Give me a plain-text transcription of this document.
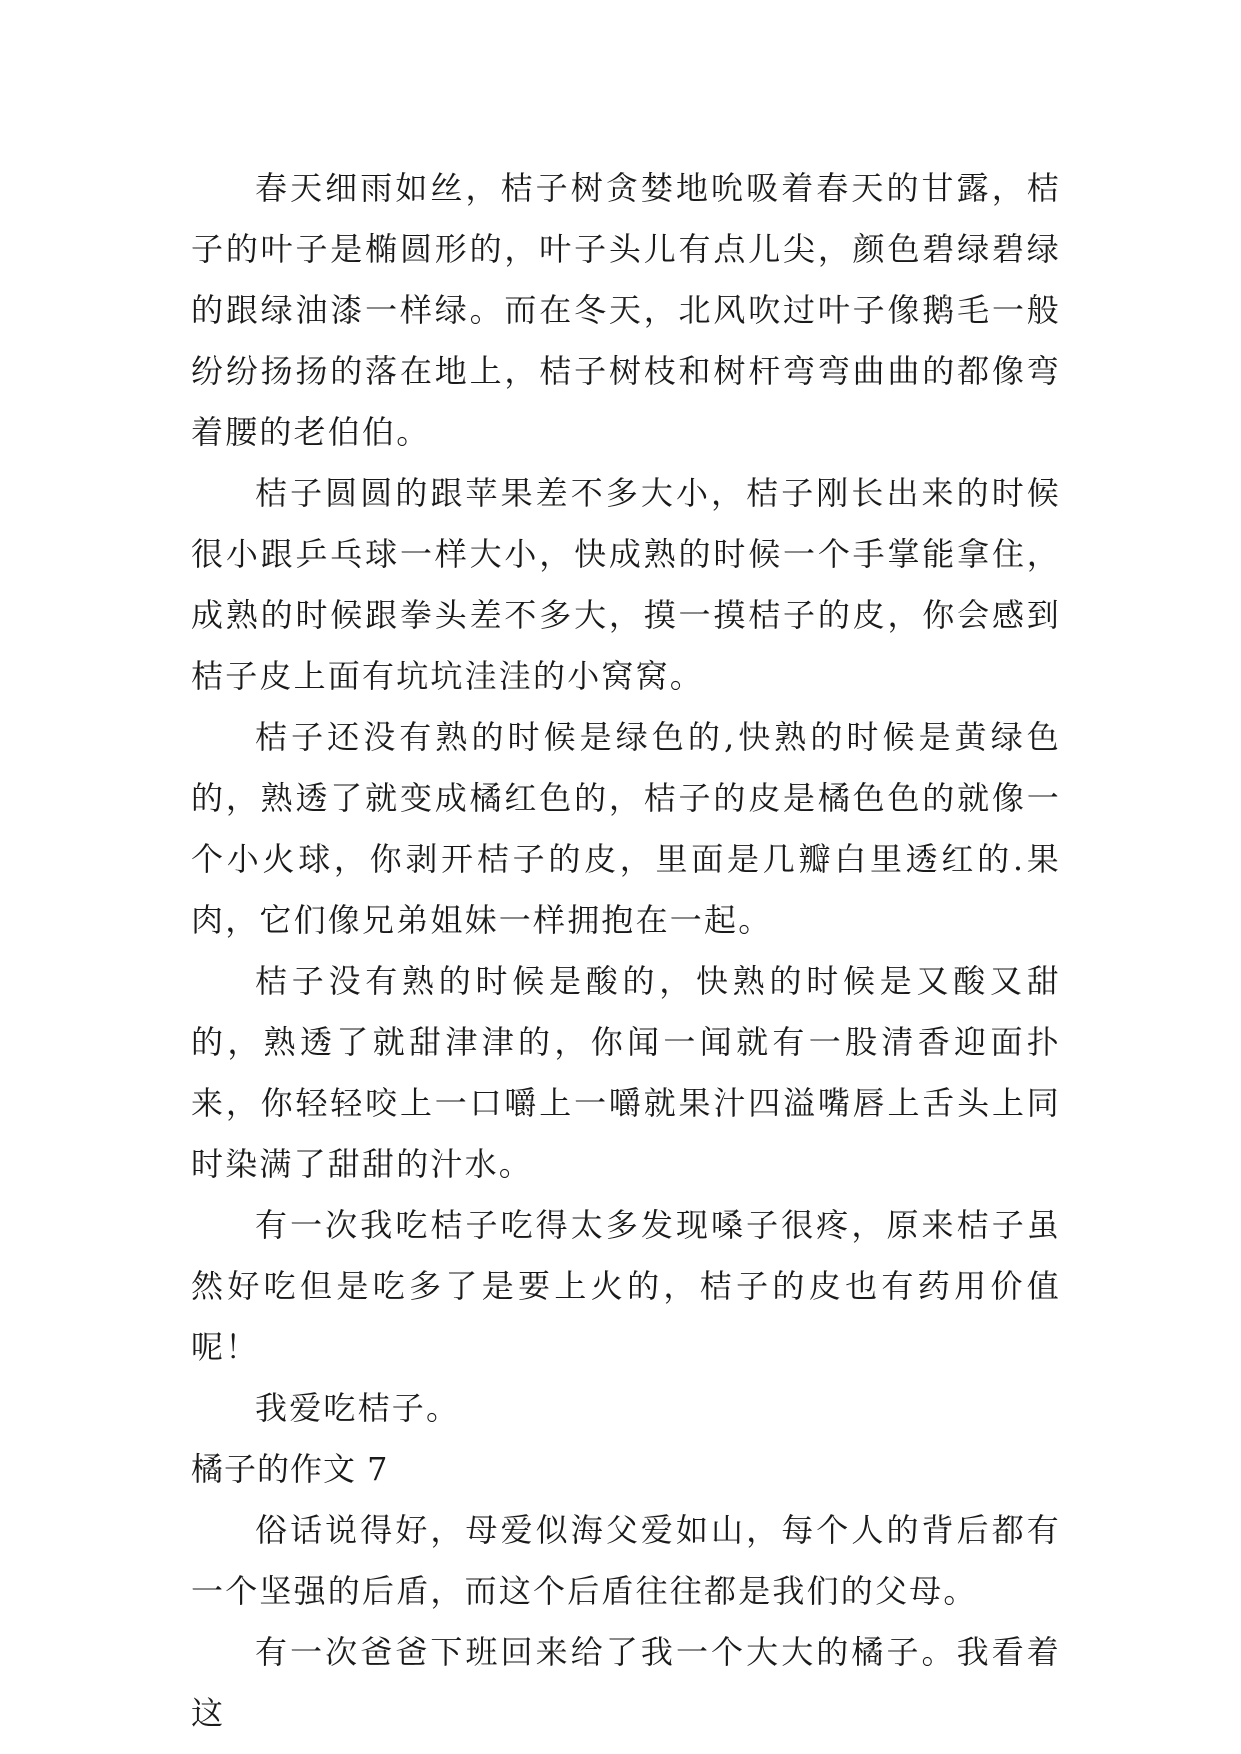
春天细雨如丝，桔子树贪婪地吮吸着春天的甘露，桔子的叶子是椭圆形的，叶子头儿有点儿尖，颜色碧绿碧绿的跟绿油漆一样绿。而在冬天，北风吹过叶子像鹅毛一般纷纷扬扬的落在地上，桔子树枝和树杆弯弯曲曲的都像弯着腰的老伯伯。

桔子圆圆的跟苹果差不多大小，桔子刚长出来的时候很小跟乒乓球一样大小，快成熟的时候一个手掌能拿住，成熟的时候跟拳头差不多大，摸一摸桔子的皮，你会感到桔子皮上面有坑坑洼洼的小窝窝。

桔子还没有熟的时候是绿色的,快熟的时候是黄绿色的，熟透了就变成橘红色的，桔子的皮是橘色色的就像一个小火球，你剥开桔子的皮，里面是几瓣白里透红的.果肉，它们像兄弟姐妹一样拥抱在一起。

桔子没有熟的时候是酸的，快熟的时候是又酸又甜的，熟透了就甜津津的，你闻一闻就有一股清香迎面扑来，你轻轻咬上一口嚼上一嚼就果汁四溢嘴唇上舌头上同时染满了甜甜的汁水。

有一次我吃桔子吃得太多发现嗓子很疼，原来桔子虽然好吃但是吃多了是要上火的，桔子的皮也有药用价值呢！

我爱吃桔子。

橘子的作文 7

俗话说得好，母爱似海父爱如山，每个人的背后都有一个坚强的后盾，而这个后盾往往都是我们的父母。

有一次爸爸下班回来给了我一个大大的橘子。我看着这
